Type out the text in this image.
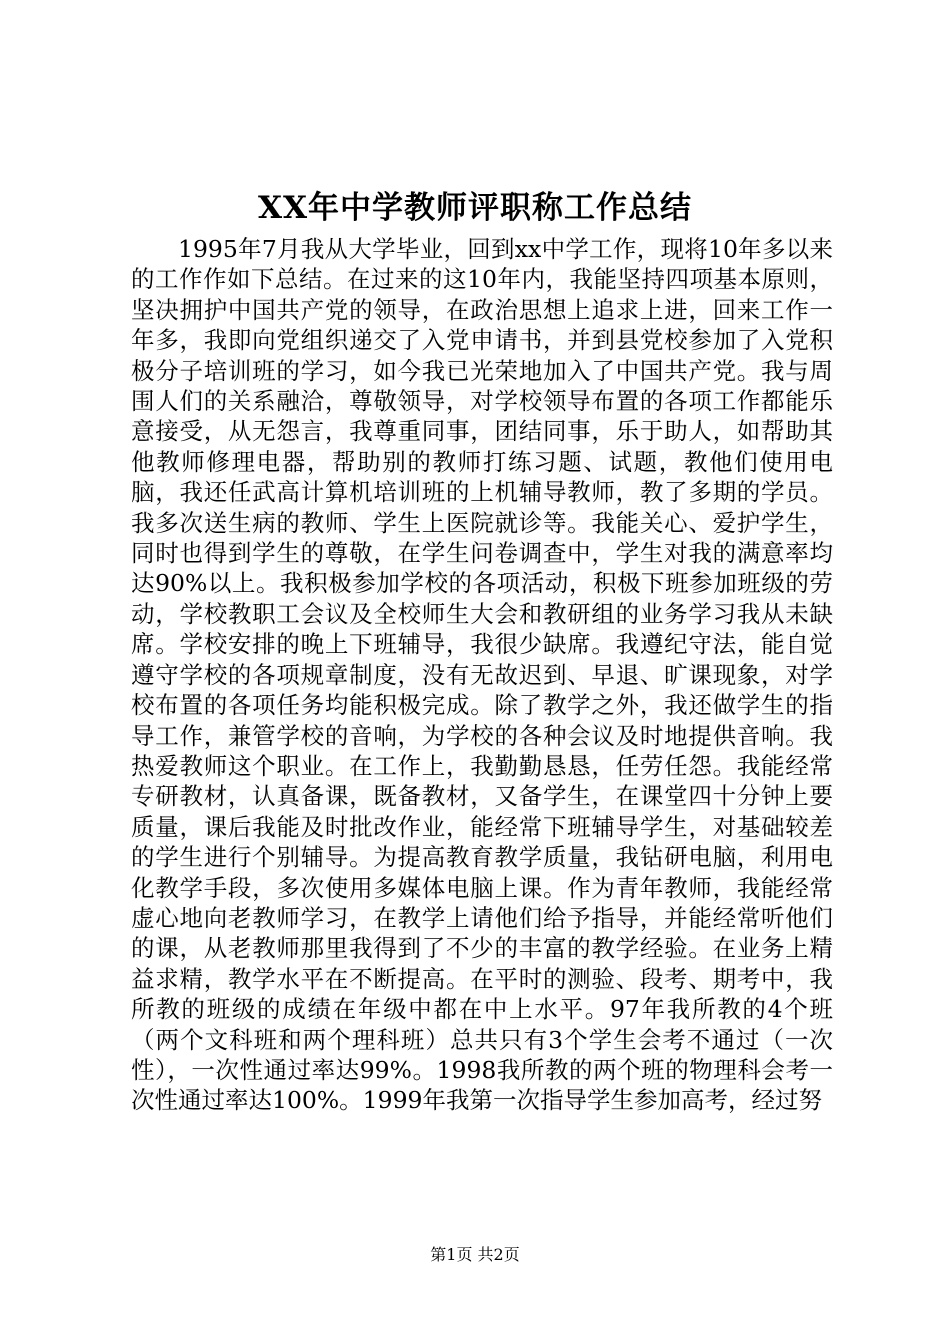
XX年中学教师评职称工作总结

1995年7月我从大学毕业，回到xx中学工作，现将10年多以来的工作作如下总结。在过来的这10年内，我能坚持四项基本原则，坚决拥护中国共产党的领导，在政治思想上追求上进，回来工作一年多，我即向党组织递交了入党申请书，并到县党校参加了入党积极分子培训班的学习，如今我已光荣地加入了中国共产党。我与周围人们的关系融洽，尊敬领导，对学校领导布置的各项工作都能乐意接受，从无怨言，我尊重同事，团结同事，乐于助人，如帮助其他教师修理电器，帮助别的教师打练习题、试题，教他们使用电脑，我还任武高计算机培训班的上机辅导教师，教了多期的学员。我多次送生病的教师、学生上医院就诊等。我能关心、爱护学生，同时也得到学生的尊敬，在学生问卷调查中，学生对我的满意率均达90%以上。我积极参加学校的各项活动，积极下班参加班级的劳动，学校教职工会议及全校师生大会和教研组的业务学习我从未缺席。学校安排的晚上下班辅导，我很少缺席。我遵纪守法，能自觉遵守学校的各项规章制度，没有无故迟到、早退、旷课现象，对学校布置的各项任务均能积极完成。除了教学之外，我还做学生的指导工作，兼管学校的音响，为学校的各种会议及时地提供音响。我热爱教师这个职业。在工作上，我勤勤恳恳，任劳任怨。我能经常专研教材，认真备课，既备教材，又备学生，在课堂四十分钟上要质量，课后我能及时批改作业，能经常下班辅导学生，对基础较差的学生进行个别辅导。为提高教育教学质量，我钻研电脑，利用电化教学手段，多次使用多媒体电脑上课。作为青年教师，我能经常虚心地向老教师学习，在教学上请他们给予指导，并能经常听他们的课，从老教师那里我得到了不少的丰富的教学经验。在业务上精益求精，教学水平在不断提高。在平时的测验、段考、期考中，我所教的班级的成绩在年级中都在中上水平。97年我所教的4个班（两个文科班和两个理科班）总共只有3个学生会考不通过（一次性），一次性通过率达99%。1998我所教的两个班的物理科会考一次性通过率达100%。1999年我第一次指导学生参加高考，经过努

第1页 共2页
